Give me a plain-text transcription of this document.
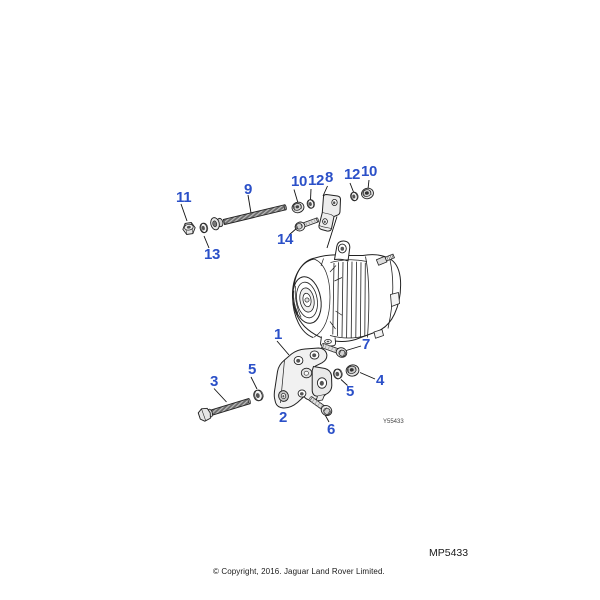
9
11
13
10 12 8 12 10
14
1
7
5
3	4
5
2
6	Y55433
MP5433
© Copyright, 2016. Jaguar Land Rover Limited.
